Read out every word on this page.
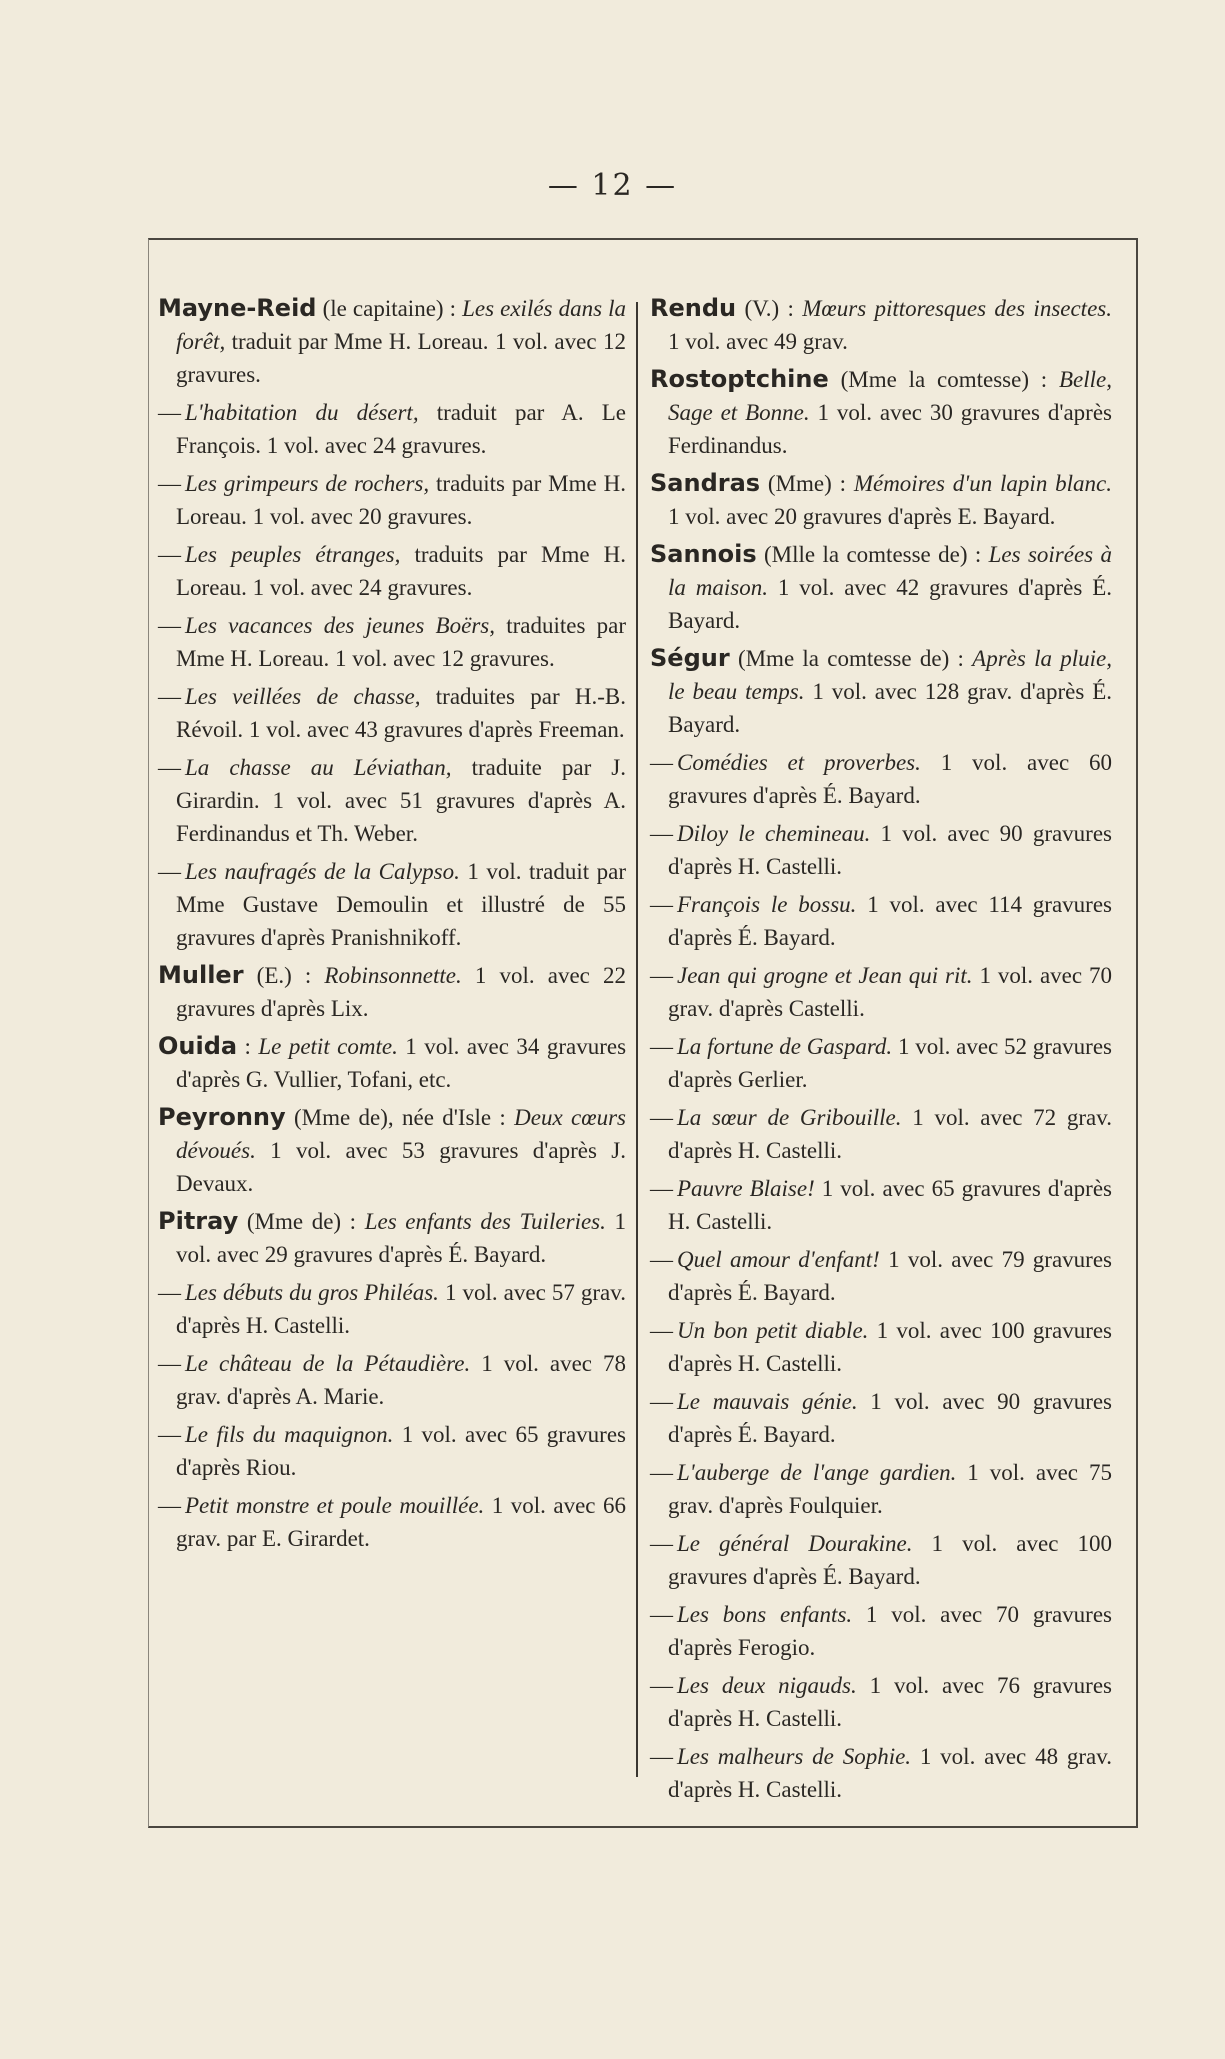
— 12 —
Mayne-Reid (le capitaine) : Les exilés dans la forêt, traduit par Mme H. Loreau. 1 vol. avec 12 gravures.
— L'habitation du désert, traduit par A. Le François. 1 vol. avec 24 gravures.
— Les grimpeurs de rochers, traduits par Mme H. Loreau. 1 vol. avec 20 gravures.
— Les peuples étranges, traduits par Mme H. Loreau. 1 vol. avec 24 gravures.
— Les vacances des jeunes Boërs, traduites par Mme H. Loreau. 1 vol. avec 12 gravures.
— Les veillées de chasse, traduites par H.-B. Révoil. 1 vol. avec 43 gravures d'après Freeman.
— La chasse au Léviathan, traduite par J. Girardin. 1 vol. avec 51 gravures d'après A. Ferdinandus et Th. Weber.
— Les naufragés de la Calypso. 1 vol. traduit par Mme Gustave Demoulin et illustré de 55 gravures d'après Pranishnikoff.
Muller (E.) : Robinsonnette. 1 vol. avec 22 gravures d'après Lix.
Ouida : Le petit comte. 1 vol. avec 34 gravures d'après G. Vullier, Tofani, etc.
Peyronny (Mme de), née d'Isle : Deux cœurs dévoués. 1 vol. avec 53 gravures d'après J. Devaux.
Pitray (Mme de) : Les enfants des Tuileries. 1 vol. avec 29 gravures d'après É. Bayard.
— Les débuts du gros Philéas. 1 vol. avec 57 grav. d'après H. Castelli.
— Le château de la Pétaudière. 1 vol. avec 78 grav. d'après A. Marie.
— Le fils du maquignon. 1 vol. avec 65 gravures d'après Riou.
— Petit monstre et poule mouillée. 1 vol. avec 66 grav. par E. Girardet.
Rendu (V.) : Mœurs pittoresques des insectes. 1 vol. avec 49 grav.
Rostoptchine (Mme la comtesse) : Belle, Sage et Bonne. 1 vol. avec 30 gravures d'après Ferdinandus.
Sandras (Mme) : Mémoires d'un lapin blanc. 1 vol. avec 20 gravures d'après E. Bayard.
Sannois (Mlle la comtesse de) : Les soirées à la maison. 1 vol. avec 42 gravures d'après É. Bayard.
Ségur (Mme la comtesse de) : Après la pluie, le beau temps. 1 vol. avec 128 grav. d'après É. Bayard.
— Comédies et proverbes. 1 vol. avec 60 gravures d'après É. Bayard.
— Diloy le chemineau. 1 vol. avec 90 gravures d'après H. Castelli.
— François le bossu. 1 vol. avec 114 gravures d'après É. Bayard.
— Jean qui grogne et Jean qui rit. 1 vol. avec 70 grav. d'après Castelli.
— La fortune de Gaspard. 1 vol. avec 52 gravures d'après Gerlier.
— La sœur de Gribouille. 1 vol. avec 72 grav. d'après H. Castelli.
— Pauvre Blaise! 1 vol. avec 65 gravures d'après H. Castelli.
— Quel amour d'enfant! 1 vol. avec 79 gravures d'après É. Bayard.
— Un bon petit diable. 1 vol. avec 100 gravures d'après H. Castelli.
— Le mauvais génie. 1 vol. avec 90 gravures d'après É. Bayard.
— L'auberge de l'ange gardien. 1 vol. avec 75 grav. d'après Foulquier.
— Le général Dourakine. 1 vol. avec 100 gravures d'après É. Bayard.
— Les bons enfants. 1 vol. avec 70 gravures d'après Ferogio.
— Les deux nigauds. 1 vol. avec 76 gravures d'après H. Castelli.
— Les malheurs de Sophie. 1 vol. avec 48 grav. d'après H. Castelli.
